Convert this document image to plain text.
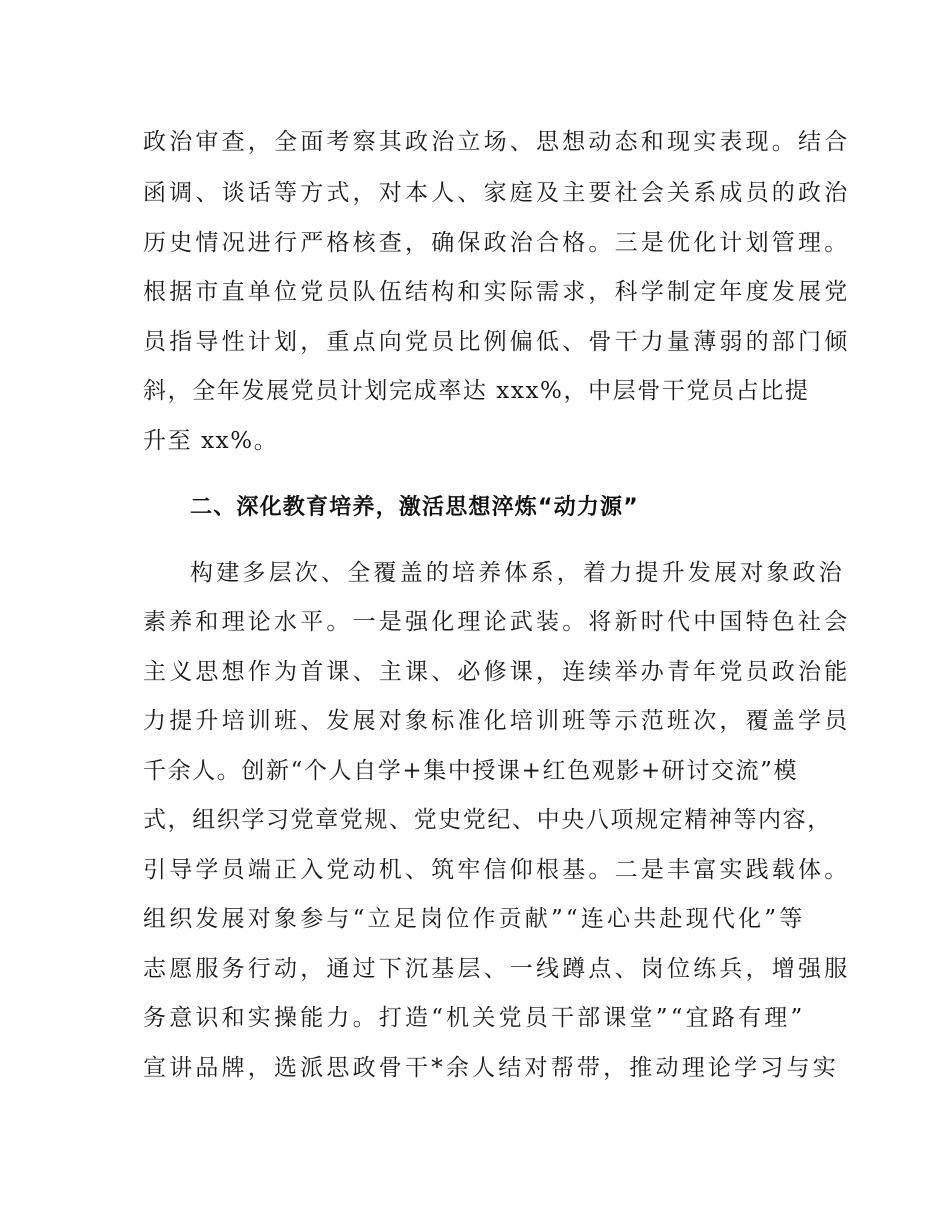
政治审查，全面考察其政治立场、思想动态和现实表现。结合
函调、谈话等方式，对本人、家庭及主要社会关系成员的政治
历史情况进行严格核查，确保政治合格。三是优化计划管理。
根据市直单位党员队伍结构和实际需求，科学制定年度发展党
员指导性计划，重点向党员比例偏低、骨干力量薄弱的部门倾
斜，全年发展党员计划完成率达 xxx%，中层骨干党员占比提
升至 xx%。
二、深化教育培养，激活思想淬炼“动力源”
构建多层次、全覆盖的培养体系，着力提升发展对象政治
素养和理论水平。一是强化理论武装。将新时代中国特色社会
主义思想作为首课、主课、必修课，连续举办青年党员政治能
力提升培训班、发展对象标准化培训班等示范班次，覆盖学员
千余人。创新“个人自学+集中授课+红色观影+研讨交流”模
式，组织学习党章党规、党史党纪、中央八项规定精神等内容，
引导学员端正入党动机、筑牢信仰根基。二是丰富实践载体。
组织发展对象参与“立足岗位作贡献”“连心共赴现代化”等
志愿服务行动，通过下沉基层、一线蹲点、岗位练兵，增强服
务意识和实操能力。打造“机关党员干部课堂”“宜路有理”
宣讲品牌，选派思政骨干*余人结对帮带，推动理论学习与实
